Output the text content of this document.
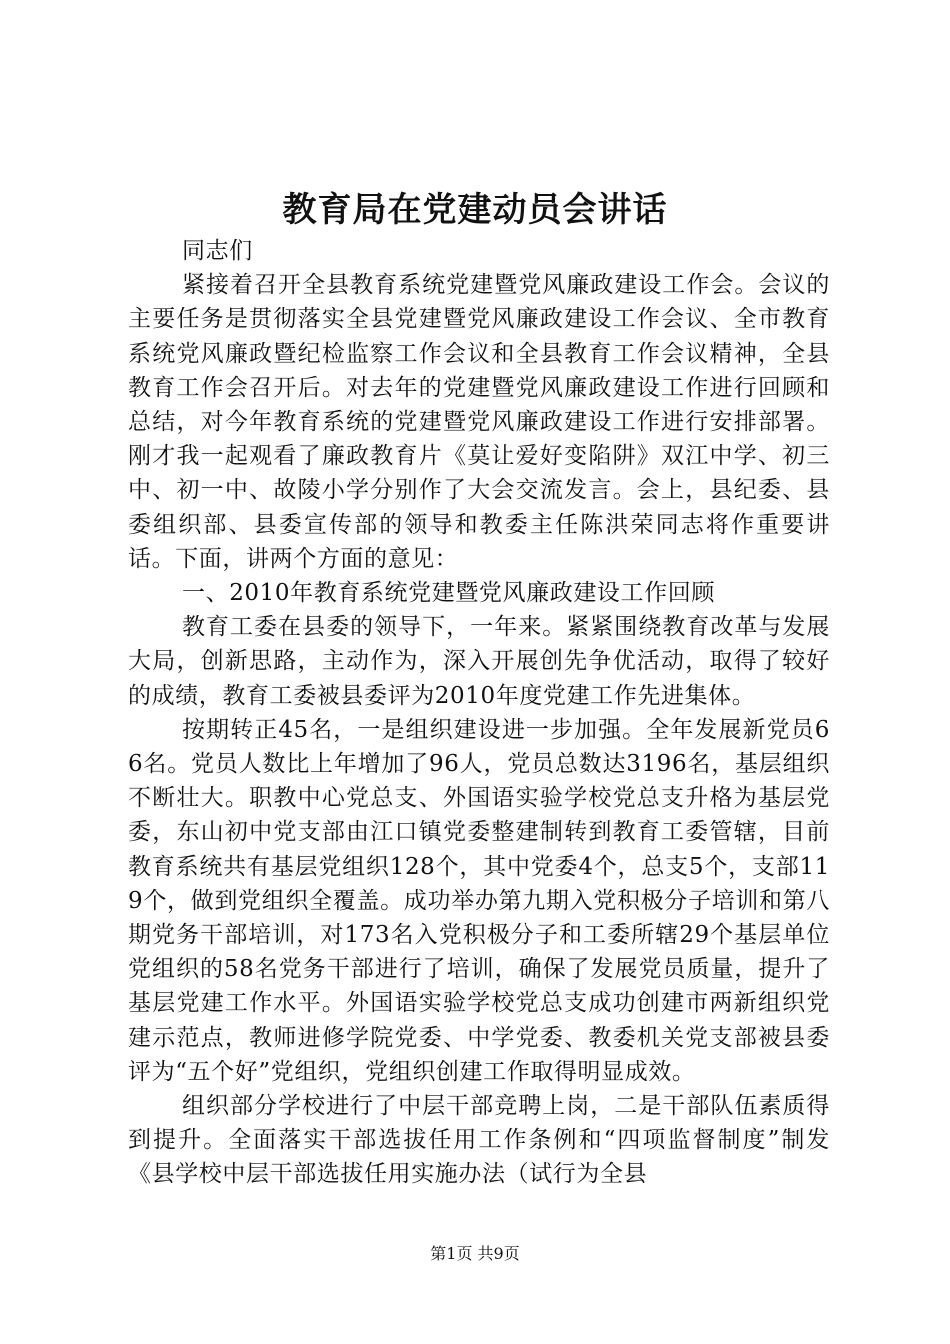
教育局在党建动员会讲话

同志们

紧接着召开全县教育系统党建暨党风廉政建设工作会。会议的主要任务是贯彻落实全县党建暨党风廉政建设工作会议、全市教育系统党风廉政暨纪检监察工作会议和全县教育工作会议精神，全县教育工作会召开后。对去年的党建暨党风廉政建设工作进行回顾和总结，对今年教育系统的党建暨党风廉政建设工作进行安排部署。刚才我一起观看了廉政教育片《莫让爱好变陷阱》双江中学、初三中、初一中、故陵小学分别作了大会交流发言。会上，县纪委、县委组织部、县委宣传部的领导和教委主任陈洪荣同志将作重要讲话。下面，讲两个方面的意见：

一、2010年教育系统党建暨党风廉政建设工作回顾

教育工委在县委的领导下，一年来。紧紧围绕教育改革与发展大局，创新思路，主动作为，深入开展创先争优活动，取得了较好的成绩，教育工委被县委评为2010年度党建工作先进集体。

按期转正45名，一是组织建设进一步加强。全年发展新党员66名。党员人数比上年增加了96人，党员总数达3196名，基层组织不断壮大。职教中心党总支、外国语实验学校党总支升格为基层党委，东山初中党支部由江口镇党委整建制转到教育工委管辖，目前教育系统共有基层党组织128个，其中党委4个，总支5个，支部119个，做到党组织全覆盖。成功举办第九期入党积极分子培训和第八期党务干部培训，对173名入党积极分子和工委所辖29个基层单位党组织的58名党务干部进行了培训，确保了发展党员质量，提升了基层党建工作水平。外国语实验学校党总支成功创建市两新组织党建示范点，教师进修学院党委、中学党委、教委机关党支部被县委评为“五个好”党组织，党组织创建工作取得明显成效。

组织部分学校进行了中层干部竞聘上岗，二是干部队伍素质得到提升。全面落实干部选拔任用工作条例和“四项监督制度”制发《县学校中层干部选拔任用实施办法（试行为全县

第1页 共9页
